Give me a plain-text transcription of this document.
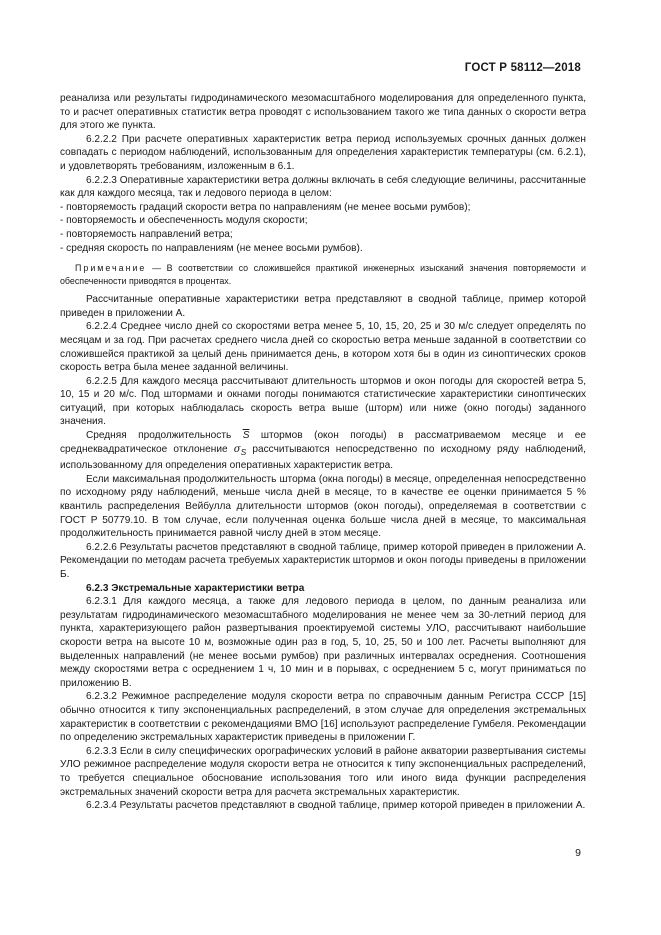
ГОСТ Р 58112—2018

реанализа или результаты гидродинамического мезомасштабного моделирования для определенного пункта, то и расчет оперативных статистик ветра проводят с использованием такого же типа данных о скорости ветра для этого же пункта.

6.2.2.2 При расчете оперативных характеристик ветра период используемых срочных данных должен совпадать с периодом наблюдений, использованным для определения характеристик температуры (см. 6.2.1), и удовлетворять требованиям, изложенным в 6.1.

6.2.2.3 Оперативные характеристики ветра должны включать в себя следующие величины, рассчитанные как для каждого месяца, так и ледового периода в целом:

- повторяемость градаций скорости ветра по направлениям (не менее восьми румбов);

- повторяемость и обеспеченность модуля скорости;

- повторяемость направлений ветра;

- средняя скорость по направлениям (не менее восьми румбов).

Примечание — В соответствии со сложившейся практикой инженерных изысканий значения повторяемости и обеспеченности приводятся в процентах.

Рассчитанные оперативные характеристики ветра представляют в сводной таблице, пример которой приведен в приложении А.

6.2.2.4 Среднее число дней со скоростями ветра менее 5, 10, 15, 20, 25 и 30 м/с следует определять по месяцам и за год. При расчетах среднего числа дней со скоростью ветра меньше заданной в соответствии со сложившейся практикой за целый день принимается день, в котором хотя бы в один из синоптических сроков скорость ветра была менее заданной величины.

6.2.2.5 Для каждого месяца рассчитывают длительность штормов и окон погоды для скоростей ветра 5, 10, 15 и 20 м/с. Под штормами и окнами погоды понимаются статистические характеристики синоптических ситуаций, при которых наблюдалась скорость ветра выше (шторм) или ниже (окно погоды) заданного значения.

Средняя продолжительность $\overline{S}$ штормов (окон погоды) в рассматриваемом месяце и ее среднеквадратическое отклонение $\sigma_S$ рассчитываются непосредственно по исходному ряду наблюдений, использованному для определения оперативных характеристик ветра.

Если максимальная продолжительность шторма (окна погоды) в месяце, определенная непосредственно по исходному ряду наблюдений, меньше числа дней в месяце, то в качестве ее оценки принимается 5 % квантиль распределения Вейбулла длительности штормов (окон погоды), определяемая в соответствии с ГОСТ Р 50779.10. В том случае, если полученная оценка больше числа дней в месяце, то максимальная продолжительность принимается равной числу дней в этом месяце.

6.2.2.6 Результаты расчетов представляют в сводной таблице, пример которой приведен в приложении А. Рекомендации по методам расчета требуемых характеристик штормов и окон погоды приведены в приложении Б.

6.2.3 Экстремальные характеристики ветра

6.2.3.1 Для каждого месяца, а также для ледового периода в целом, по данным реанализа или результатам гидродинамического мезомасштабного моделирования не менее чем за 30-летний период для пункта, характеризующего район развертывания проектируемой системы УЛО, рассчитывают наибольшие скорости ветра на высоте 10 м, возможные один раз в год, 5, 10, 25, 50 и 100 лет. Расчеты выполняют для выделенных направлений (не менее восьми румбов) при различных интервалах осреднения. Соотношения между скоростями ветра с осреднением 1 ч, 10 мин и в порывах, с осреднением 5 с, могут приниматься по приложению В.

6.2.3.2 Режимное распределение модуля скорости ветра по справочным данным Регистра СССР [15] обычно относится к типу экспоненциальных распределений, в этом случае для определения экстремальных характеристик в соответствии с рекомендациями ВМО [16] используют распределение Гумбеля. Рекомендации по определению экстремальных характеристик приведены в приложении Г.

6.2.3.3 Если в силу специфических орографических условий в районе акватории развертывания системы УЛО режимное распределение модуля скорости ветра не относится к типу экспоненциальных распределений, то требуется специальное обоснование использования того или иного вида функции распределения экстремальных значений скорости ветра для расчета экстремальных характеристик.

6.2.3.4 Результаты расчетов представляют в сводной таблице, пример которой приведен в приложении А.

9
